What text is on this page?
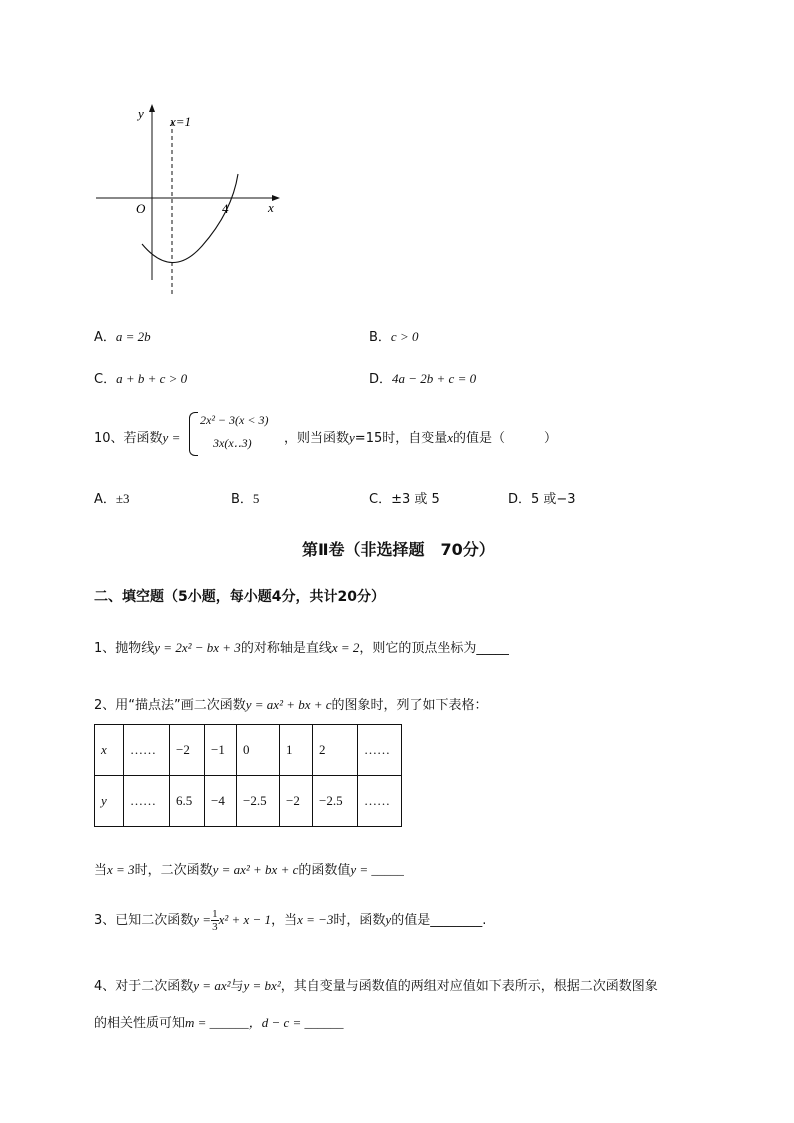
y
x
O
x=1
4
A．a = 2b	B．c > 0
C．a + b + c > 0	D．4a − 2b + c = 0
10、若函数y =
2x² − 3(x < 3)
3x(x‥3) ，则当函数y=15时，自变量x的值是（　　　）
A．±3	B．5	C．±3 或 5	D．5 或−3
第Ⅱ卷（非选择题　70分）
二、填空题（5小题，每小题4分，共计20分）
1、抛物线y = 2x² − bx + 3的对称轴是直线x = 2，则它的顶点坐标为_____
2、用“描点法”画二次函数y = ax² + bx + c的图象时，列了如下表格：
x	……	−2	−1	0	1	2	……
y	……	6.5	−4	−2.5	−2	−2.5	……
当x = 3时，二次函数y = ax² + bx + c的函数值y = _____
3、已知二次函数$y = \frac{1}{3} x^2 + x - 1$，当x = −3时，函数y的值是________.
4、对于二次函数y = ax²与y = bx²，其自变量与函数值的两组对应值如下表所示，根据二次函数图象
的相关性质可知m = ______，d − c = ______
